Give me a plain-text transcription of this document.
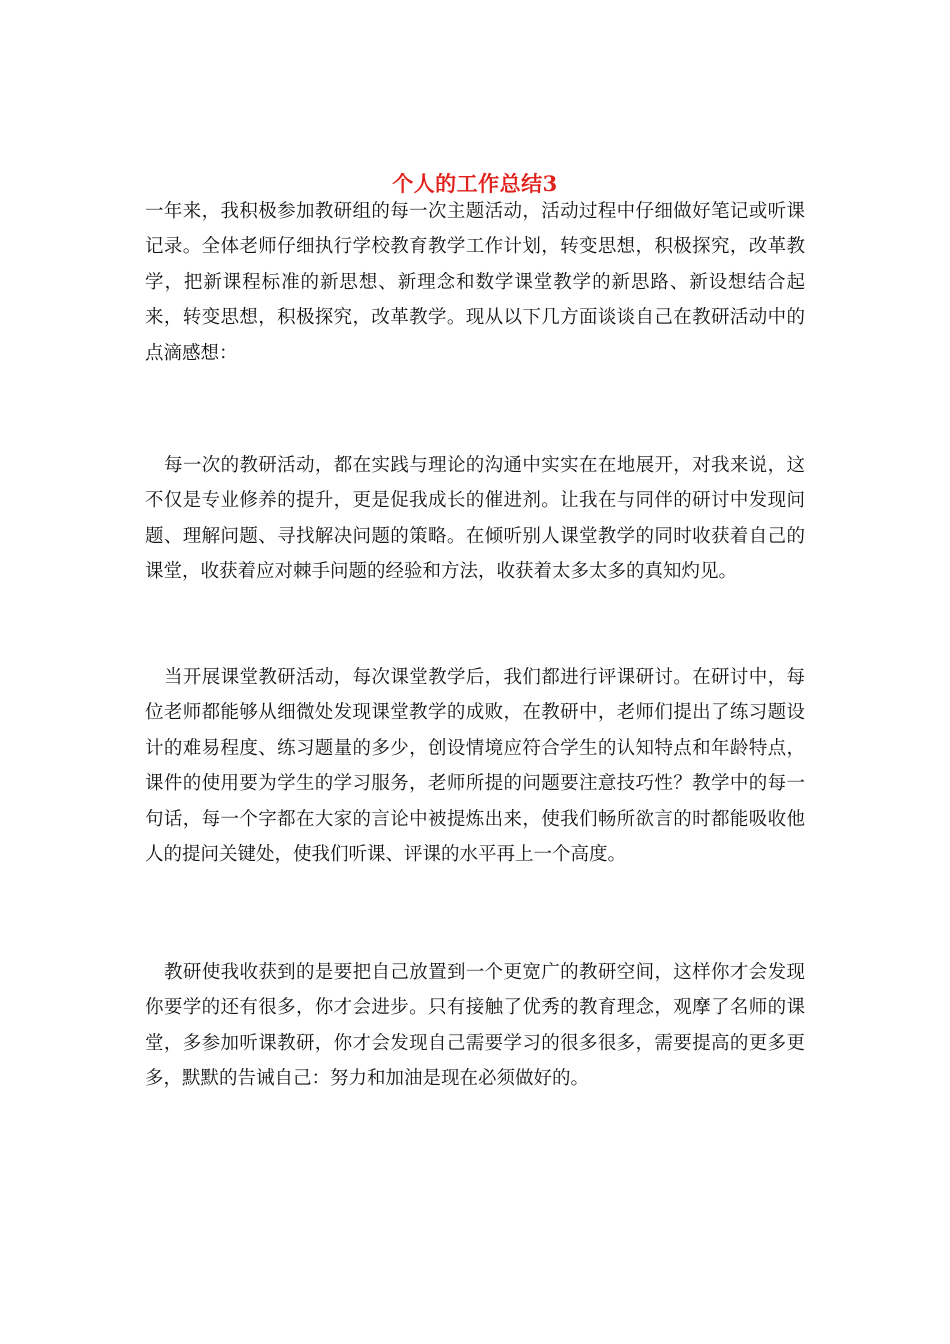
个人的工作总结3

一年来，我积极参加教研组的每一次主题活动，活动过程中仔细做好笔记或听课记录。全体老师仔细执行学校教育教学工作计划，转变思想，积极探究，改革教学，把新课程标准的新思想、新理念和数学课堂教学的新思路、新设想结合起来，转变思想，积极探究，改革教学。现从以下几方面谈谈自己在教研活动中的点滴感想：

每一次的教研活动，都在实践与理论的沟通中实实在在地展开，对我来说，这不仅是专业修养的提升，更是促我成长的催进剂。让我在与同伴的研讨中发现问题、理解问题、寻找解决问题的策略。在倾听别人课堂教学的同时收获着自己的课堂，收获着应对棘手问题的经验和方法，收获着太多太多的真知灼见。

当开展课堂教研活动，每次课堂教学后，我们都进行评课研讨。在研讨中，每位老师都能够从细微处发现课堂教学的成败，在教研中，老师们提出了练习题设计的难易程度、练习题量的多少，创设情境应符合学生的认知特点和年龄特点，课件的使用要为学生的学习服务，老师所提的问题要注意技巧性？教学中的每一句话，每一个字都在大家的言论中被提炼出来，使我们畅所欲言的时都能吸收他人的提问关键处，使我们听课、评课的水平再上一个高度。

教研使我收获到的是要把自己放置到一个更宽广的教研空间，这样你才会发现你要学的还有很多，你才会进步。只有接触了优秀的教育理念，观摩了名师的课堂，多参加听课教研，你才会发现自己需要学习的很多很多，需要提高的更多更多，默默的告诫自己：努力和加油是现在必须做好的。
